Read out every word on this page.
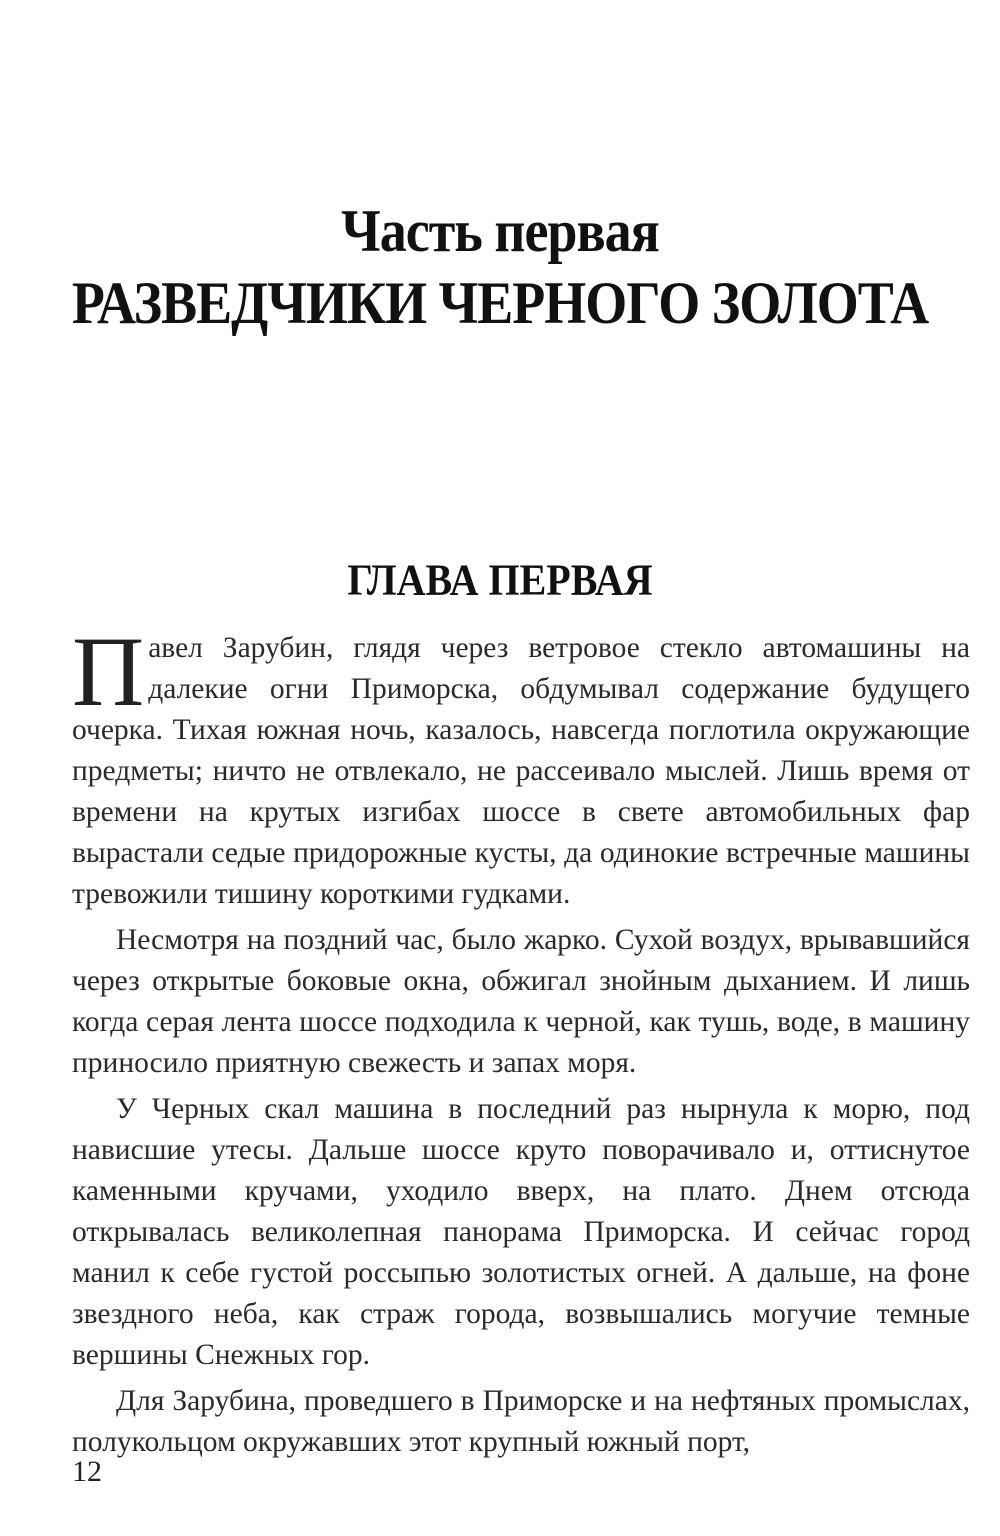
Часть первая
РАЗВЕДЧИКИ ЧЕРНОГО ЗОЛОТА
ГЛАВА ПЕРВАЯ

Павел Зарубин, глядя через ветровое стекло автомашины на далекие огни Приморска, обдумывал содержание будущего очерка. Тихая южная ночь, казалось, навсегда поглотила окружающие предметы; ничто не отвлекало, не рассеивало мыслей. Лишь время от времени на крутых изгибах шоссе в свете автомобильных фар вырастали седые придорожные кусты, да одинокие встречные машины тревожили тишину короткими гудками.

Несмотря на поздний час, было жарко. Сухой воздух, врывавшийся через открытые боковые окна, обжигал знойным дыханием. И лишь когда серая лента шоссе подходила к черной, как тушь, воде, в машину приносило приятную свежесть и запах моря.

У Черных скал машина в последний раз нырнула к морю, под нависшие утесы. Дальше шоссе круто поворачивало и, оттиснутое каменными кручами, уходило вверх, на плато. Днем отсюда открывалась великолепная панорама Приморска. И сейчас город манил к себе густой россыпью золотистых огней. А дальше, на фоне звездного неба, как страж города, возвышались могучие темные вершины Снежных гор.

Для Зарубина, проведшего в Приморске и на нефтяных промыслах, полукольцом окружавших этот крупный южный порт,

12
